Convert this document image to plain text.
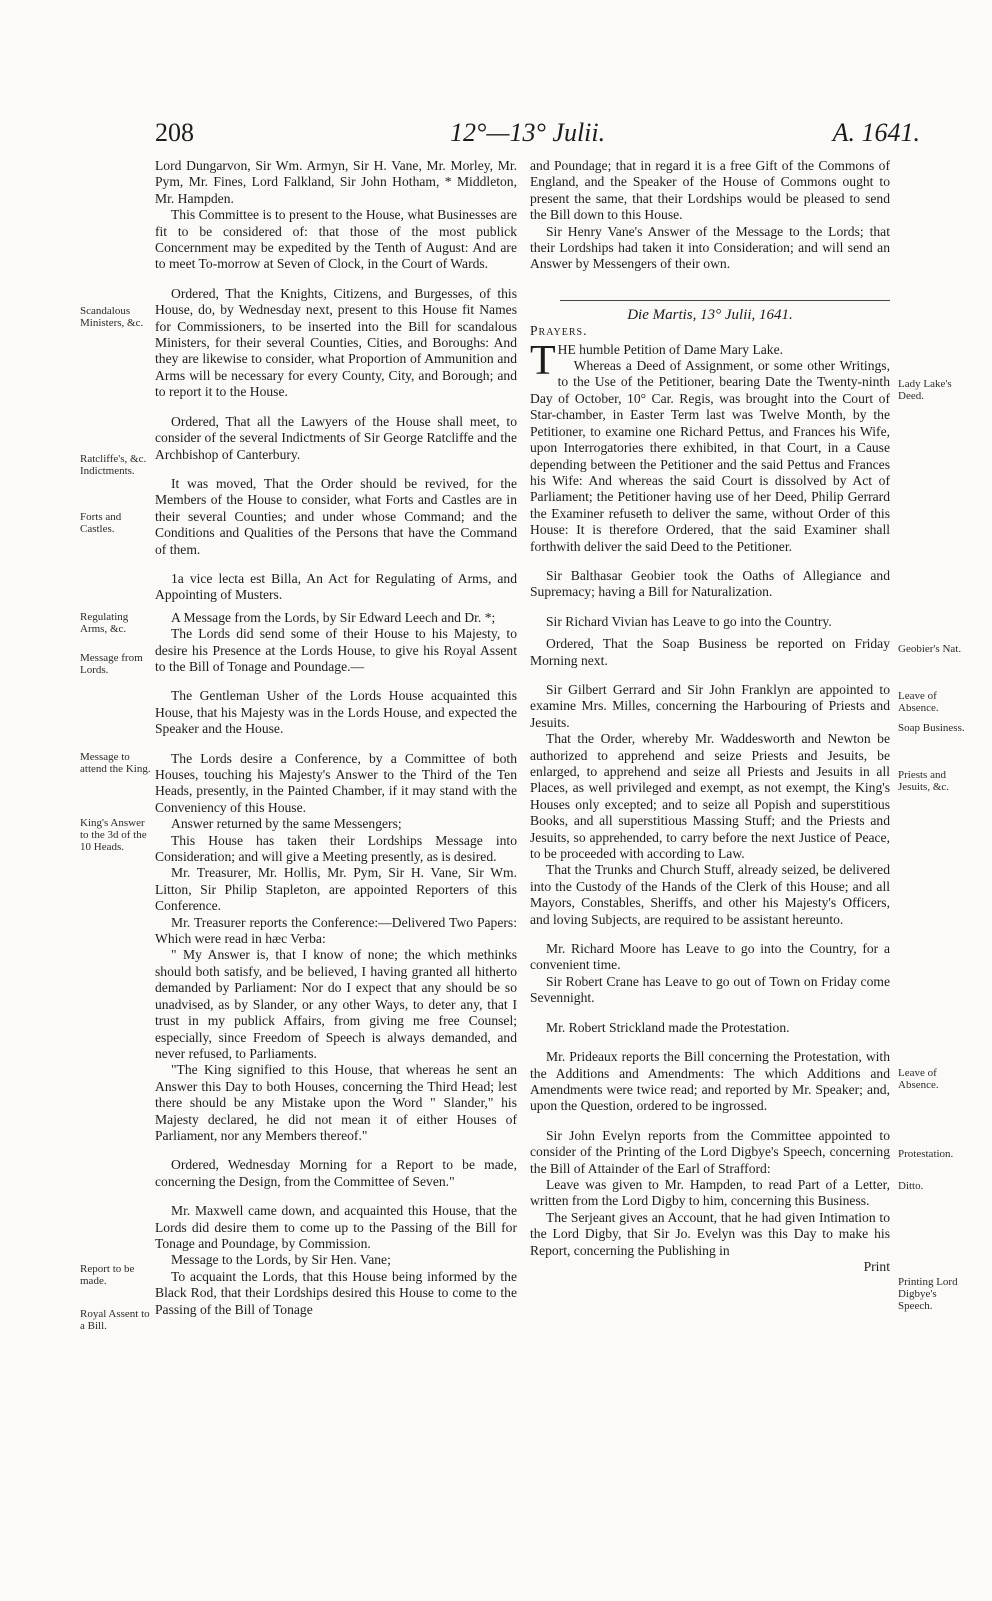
208	12°—13° Julii.	A. 1641.
Scandalous Ministers, &c.
Ratcliffe's, &c. Indictments.
Forts and Castles.
Regulating Arms, &c.
Message from Lords.
Message to attend the King.
King's Answer to the 3d of the 10 Heads.
Report to be made.
Royal Assent to a Bill.
Lady Lake's Deed.
Geobier's Nat.
Leave of Absence.
Soap Business.
Priests and Jesuits, &c.
Leave of Absence.
Protestation.
Ditto.
Printing Lord Digbye's Speech.

Lord Dungarvon, Sir Wm. Armyn, Sir H. Vane, Mr. Morley, Mr. Pym, Mr. Fines, Lord Falkland, Sir John Hotham, * Middleton, Mr. Hampden.

This Committee is to present to the House, what Businesses are fit to be considered of: that those of the most publick Concernment may be expedited by the Tenth of August: And are to meet To-morrow at Seven of Clock, in the Court of Wards.

Ordered, That the Knights, Citizens, and Burgesses, of this House, do, by Wednesday next, present to this House fit Names for Commissioners, to be inserted into the Bill for scandalous Ministers, for their several Counties, Cities, and Boroughs: And they are likewise to consider, what Proportion of Ammunition and Arms will be necessary for every County, City, and Borough; and to report it to the House.

Ordered, That all the Lawyers of the House shall meet, to consider of the several Indictments of Sir George Ratcliffe and the Archbishop of Canterbury.

It was moved, That the Order should be revived, for the Members of the House to consider, what Forts and Castles are in their several Counties; and under whose Command; and the Conditions and Qualities of the Persons that have the Command of them.

1a vice lecta est Billa, An Act for Regulating of Arms, and Appointing of Musters.

A Message from the Lords, by Sir Edward Leech and Dr. *;

The Lords did send some of their House to his Majesty, to desire his Presence at the Lords House, to give his Royal Assent to the Bill of Tonage and Poundage.—

The Gentleman Usher of the Lords House acquainted this House, that his Majesty was in the Lords House, and expected the Speaker and the House.

The Lords desire a Conference, by a Committee of both Houses, touching his Majesty's Answer to the Third of the Ten Heads, presently, in the Painted Chamber, if it may stand with the Conveniency of this House.

Answer returned by the same Messengers;

This House has taken their Lordships Message into Consideration; and will give a Meeting presently, as is desired.

Mr. Treasurer, Mr. Hollis, Mr. Pym, Sir H. Vane, Sir Wm. Litton, Sir Philip Stapleton, are appointed Reporters of this Conference.

Mr. Treasurer reports the Conference:—Delivered Two Papers: Which were read in hæc Verba:

" My Answer is, that I know of none; the which methinks should both satisfy, and be believed, I having granted all hitherto demanded by Parliament: Nor do I expect that any should be so unadvised, as by Slander, or any other Ways, to deter any, that I trust in my publick Affairs, from giving me free Counsel; especially, since Freedom of Speech is always demanded, and never refused, to Parliaments.

"The King signified to this House, that whereas he sent an Answer this Day to both Houses, concerning the Third Head; lest there should be any Mistake upon the Word " Slander," his Majesty declared, he did not mean it of either Houses of Parliament, nor any Members thereof."

Ordered, Wednesday Morning for a Report to be made, concerning the Design, from the Committee of Seven."

Mr. Maxwell came down, and acquainted this House, that the Lords did desire them to come up to the Passing of the Bill for Tonage and Poundage, by Commission.

Message to the Lords, by Sir Hen. Vane;

To acquaint the Lords, that this House being informed by the Black Rod, that their Lordships desired this House to come to the Passing of the Bill of Tonage

and Poundage; that in regard it is a free Gift of the Commons of England, and the Speaker of the House of Commons ought to present the same, that their Lordships would be pleased to send the Bill down to this House.

Sir Henry Vane's Answer of the Message to the Lords; that their Lordships had taken it into Consideration; and will send an Answer by Messengers of their own.

Die Martis, 13° Julii, 1641.

Prayers.

THE humble Petition of Dame Mary Lake.

Whereas a Deed of Assignment, or some other Writings, to the Use of the Petitioner, bearing Date the Twenty-ninth Day of October, 10° Car. Regis, was brought into the Court of Star-chamber, in Easter Term last was Twelve Month, by the Petitioner, to examine one Richard Pettus, and Frances his Wife, upon Interrogatories there exhibited, in that Court, in a Cause depending between the Petitioner and the said Pettus and Frances his Wife: And whereas the said Court is dissolved by Act of Parliament; the Petitioner having use of her Deed, Philip Gerrard the Examiner refuseth to deliver the same, without Order of this House: It is therefore Ordered, that the said Examiner shall forthwith deliver the said Deed to the Petitioner.

Sir Balthasar Geobier took the Oaths of Allegiance and Supremacy; having a Bill for Naturalization.

Sir Richard Vivian has Leave to go into the Country.

Ordered, That the Soap Business be reported on Friday Morning next.

Sir Gilbert Gerrard and Sir John Franklyn are appointed to examine Mrs. Milles, concerning the Harbouring of Priests and Jesuits.

That the Order, whereby Mr. Waddesworth and Newton be authorized to apprehend and seize Priests and Jesuits, be enlarged, to apprehend and seize all Priests and Jesuits in all Places, as well privileged and exempt, as not exempt, the King's Houses only excepted; and to seize all Popish and superstitious Books, and all superstitious Massing Stuff; and the Priests and Jesuits, so apprehended, to carry before the next Justice of Peace, to be proceeded with according to Law.

That the Trunks and Church Stuff, already seized, be delivered into the Custody of the Hands of the Clerk of this House; and all Mayors, Constables, Sheriffs, and other his Majesty's Officers, and loving Subjects, are required to be assistant hereunto.

Mr. Richard Moore has Leave to go into the Country, for a convenient time.

Sir Robert Crane has Leave to go out of Town on Friday come Sevennight.

Mr. Robert Strickland made the Protestation.

Mr. Prideaux reports the Bill concerning the Protestation, with the Additions and Amendments: The which Additions and Amendments were twice read; and reported by Mr. Speaker; and, upon the Question, ordered to be ingrossed.

Sir John Evelyn reports from the Committee appointed to consider of the Printing of the Lord Digbye's Speech, concerning the Bill of Attainder of the Earl of Strafford:

Leave was given to Mr. Hampden, to read Part of a Letter, written from the Lord Digby to him, concerning this Business.

The Serjeant gives an Account, that he had given Intimation to the Lord Digby, that Sir Jo. Evelyn was this Day to make his Report, concerning the Publishing in

Print
